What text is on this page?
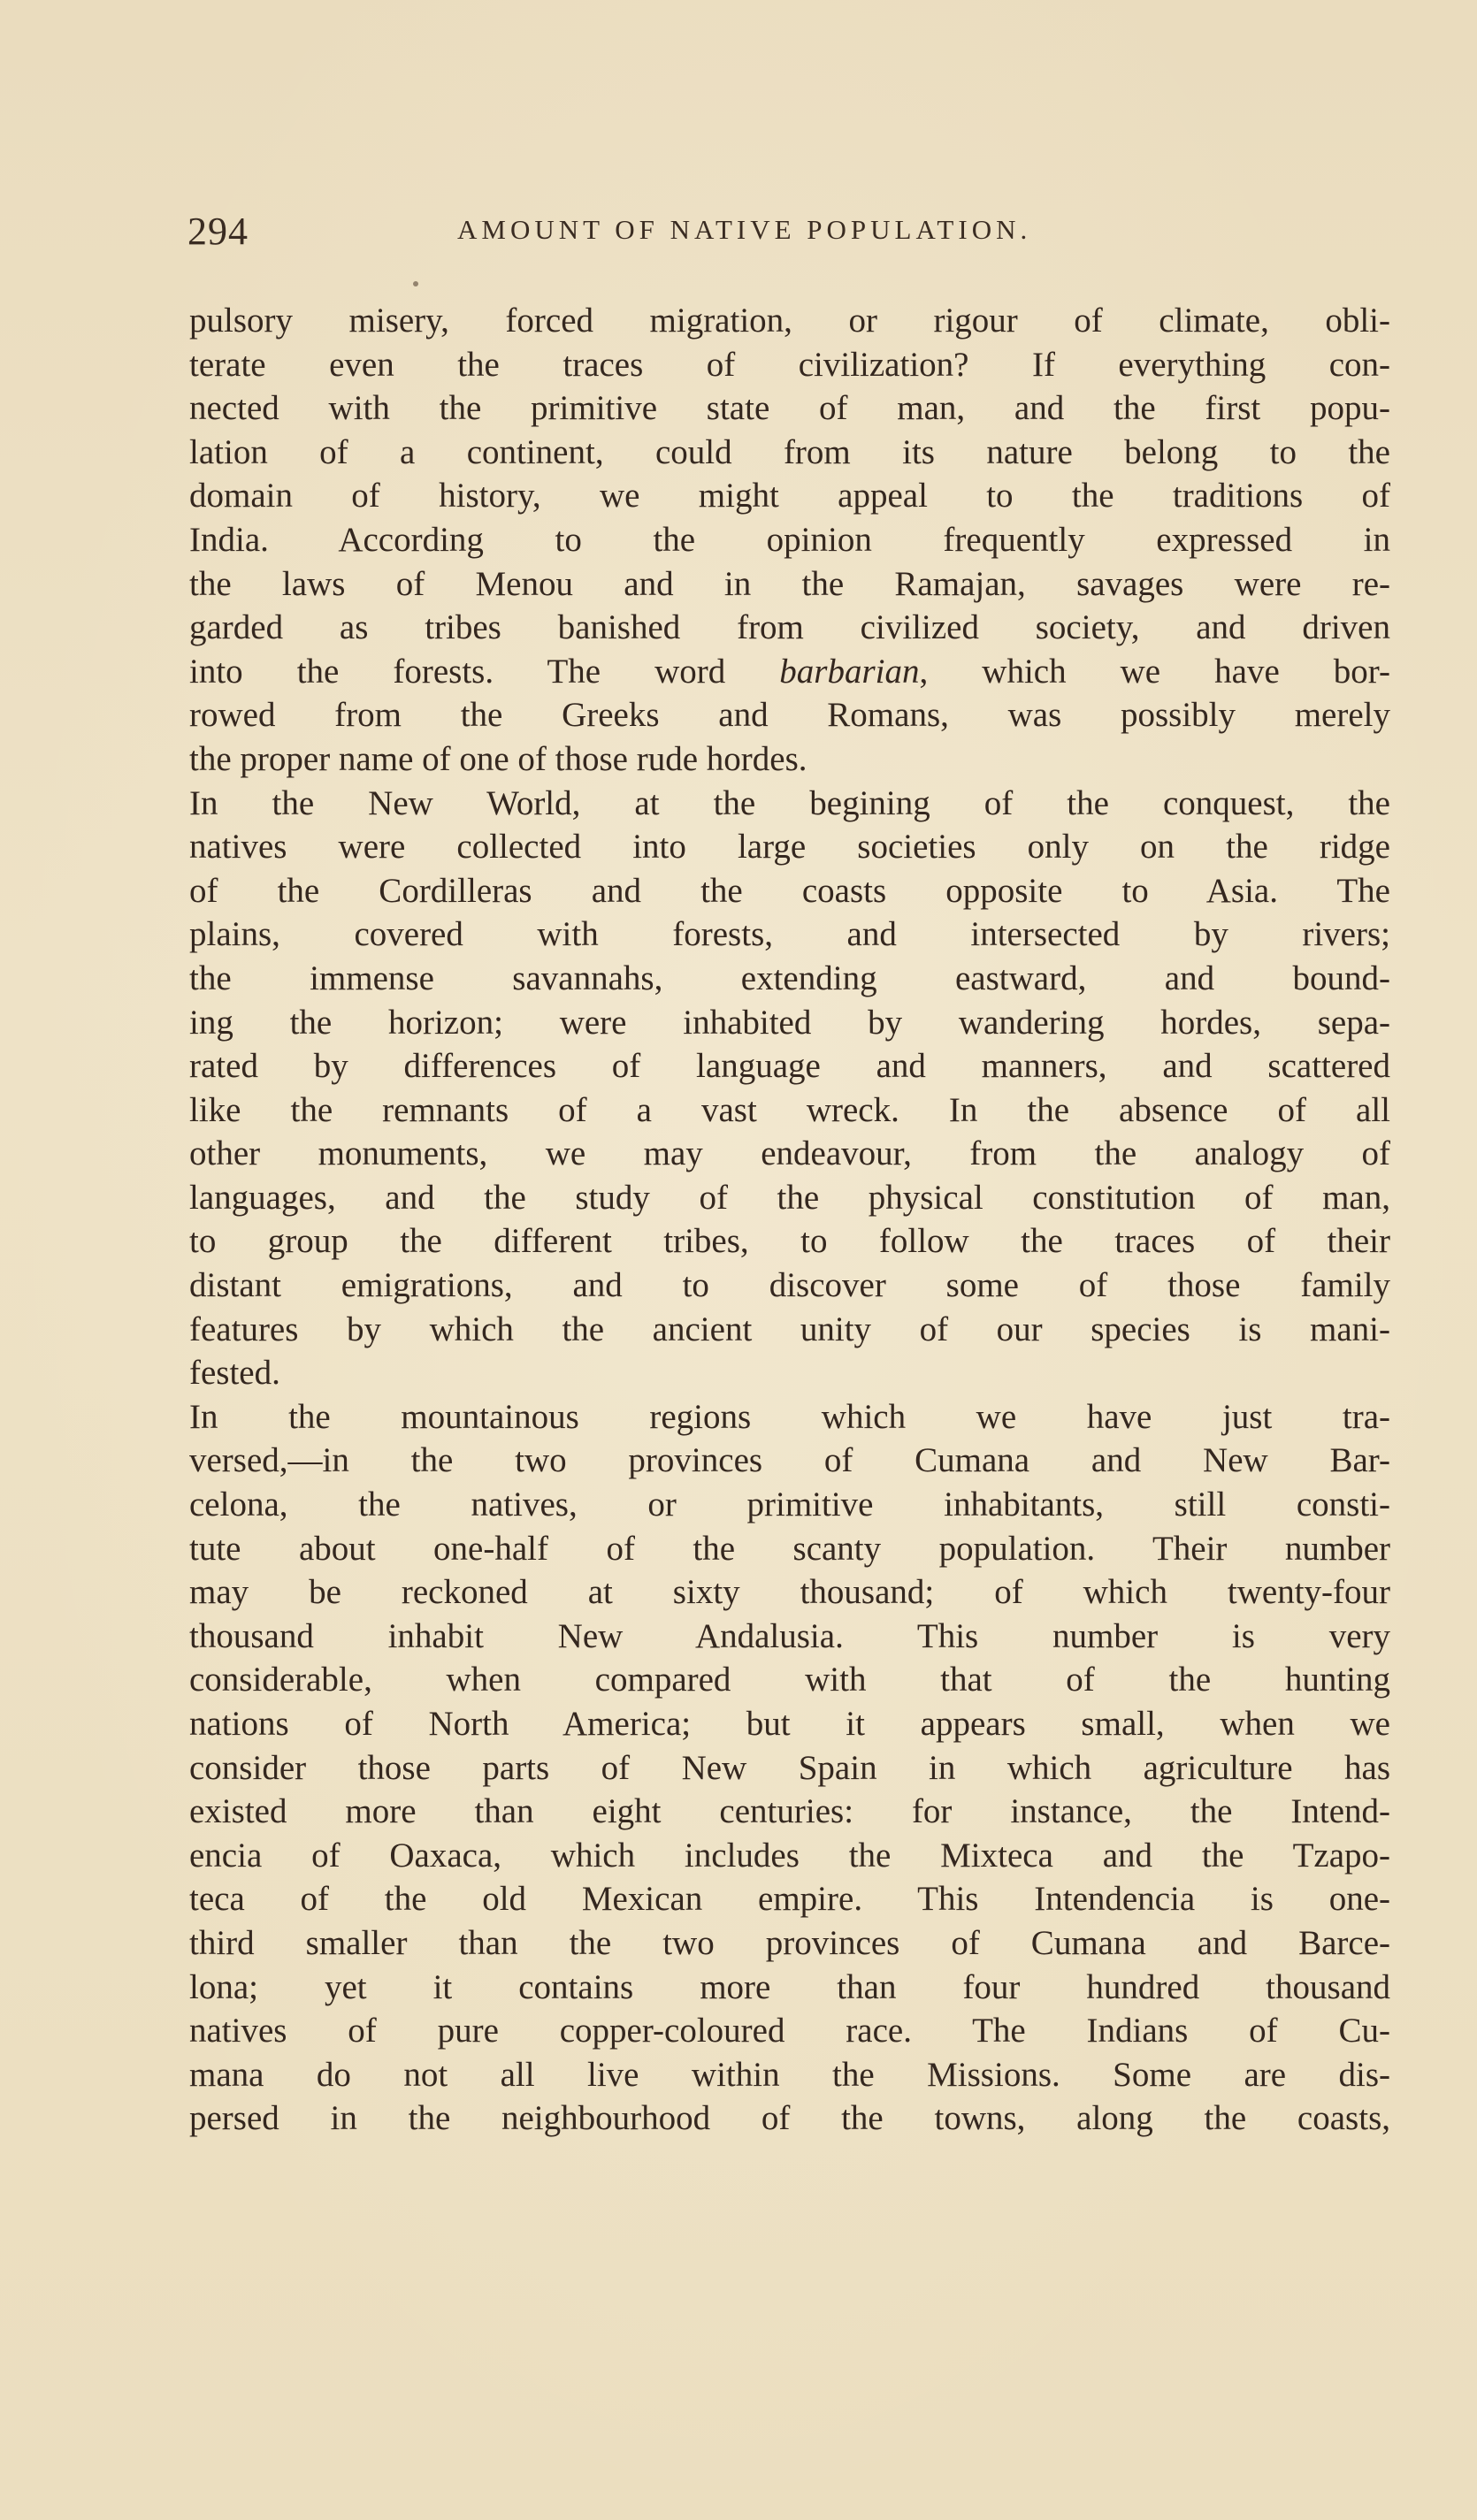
294	AMOUNT OF NATIVE POPULATION.
pulsory misery, forced migration, or rigour of climate, obli-
terate even the traces of civilization? If everything con-
nected with the primitive state of man, and the first popu-
lation of a continent, could from its nature belong to the
domain of history, we might appeal to the traditions of
India. According to the opinion frequently expressed in
the laws of Menou and in the Ramajan, savages were re-
garded as tribes banished from civilized society, and driven
into the forests. The word barbarian, which we have bor-
rowed from the Greeks and Romans, was possibly merely
the proper name of one of those rude hordes.
In the New World, at the begining of the conquest, the
natives were collected into large societies only on the ridge
of the Cordilleras and the coasts opposite to Asia. The
plains, covered with forests, and intersected by rivers;
the immense savannahs, extending eastward, and bound-
ing the horizon; were inhabited by wandering hordes, sepa-
rated by differences of language and manners, and scattered
like the remnants of a vast wreck. In the absence of all
other monuments, we may endeavour, from the analogy of
languages, and the study of the physical constitution of man,
to group the different tribes, to follow the traces of their
distant emigrations, and to discover some of those family
features by which the ancient unity of our species is mani-
fested.
In the mountainous regions which we have just tra-
versed,—in the two provinces of Cumana and New Bar-
celona, the natives, or primitive inhabitants, still consti-
tute about one-half of the scanty population. Their number
may be reckoned at sixty thousand; of which twenty-four
thousand inhabit New Andalusia. This number is very
considerable, when compared with that of the hunting
nations of North America; but it appears small, when we
consider those parts of New Spain in which agriculture has
existed more than eight centuries: for instance, the Intend-
encia of Oaxaca, which includes the Mixteca and the Tzapo-
teca of the old Mexican empire. This Intendencia is one-
third smaller than the two provinces of Cumana and Barce-
lona; yet it contains more than four hundred thousand
natives of pure copper-coloured race. The Indians of Cu-
mana do not all live within the Missions. Some are dis-
persed in the neighbourhood of the towns, along the coasts,
